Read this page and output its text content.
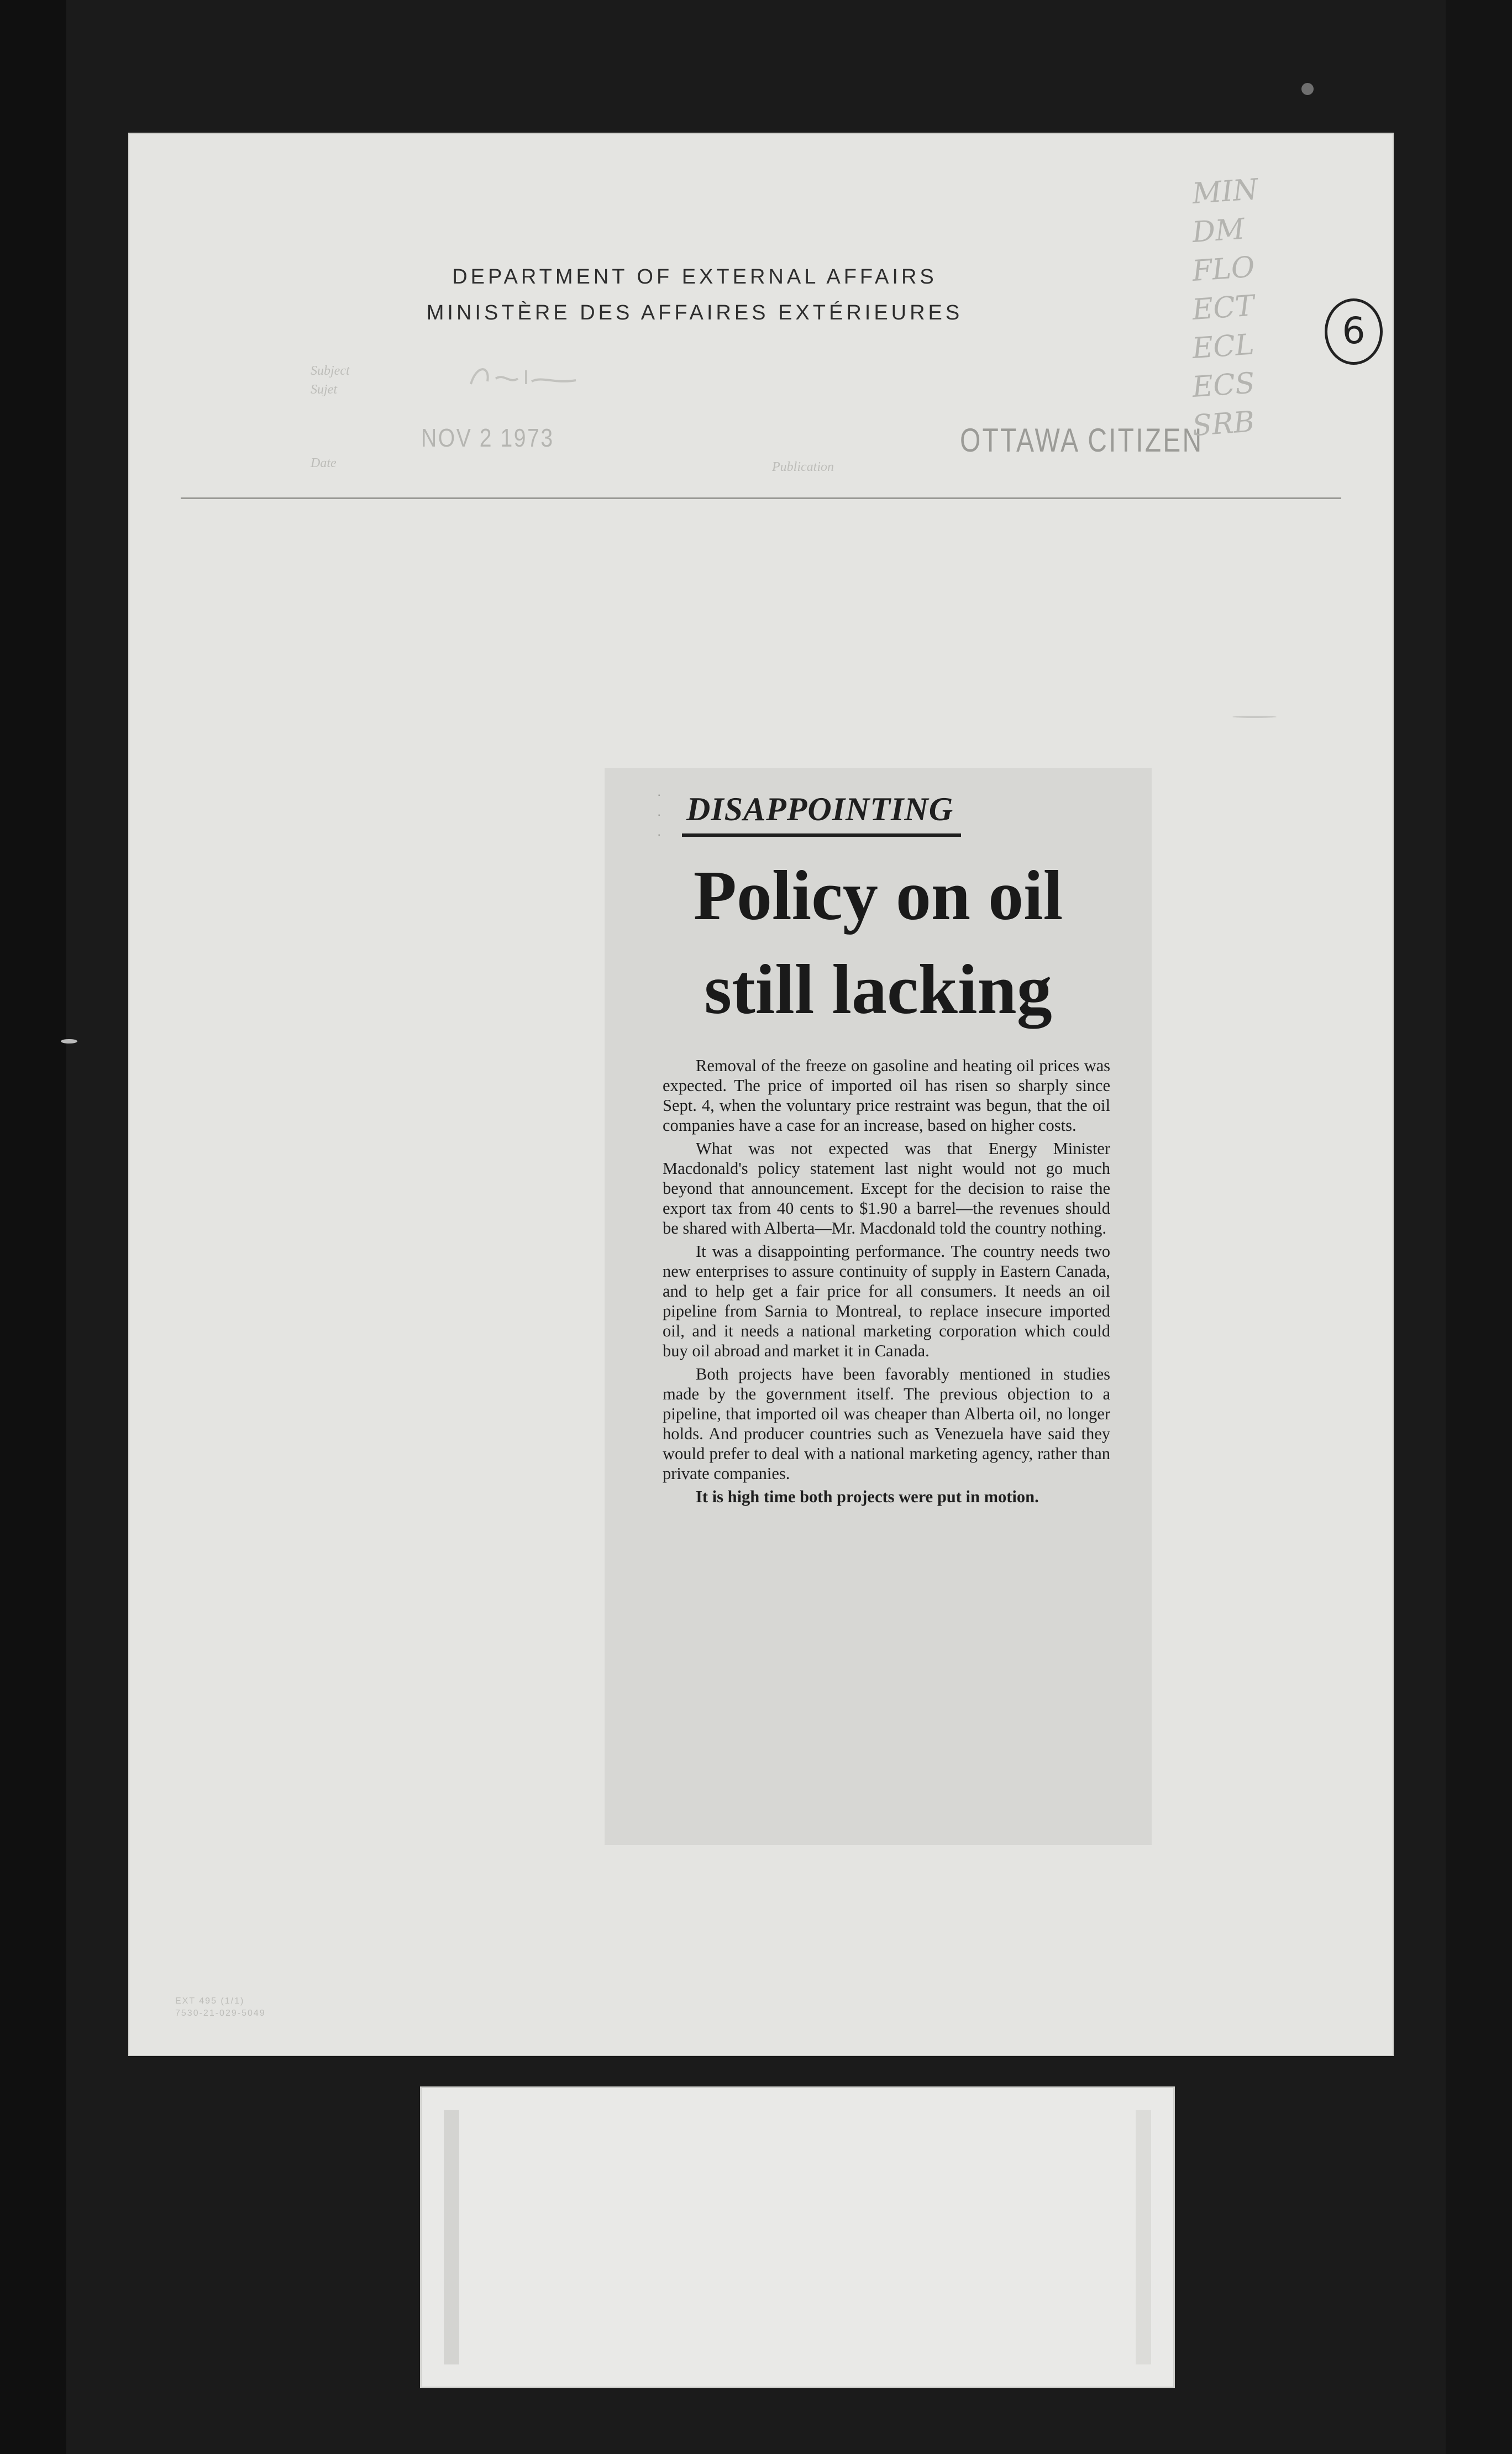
DEPARTMENT OF EXTERNAL AFFAIRS
MINISTÈRE DES AFFAIRES EXTÉRIEURES
Subject
Sujet
NOV 2 1973
Date	Publication
OTTAWA CITIZEN
MIN
DM
FLO
ECT
ECL
ECS
SRB
6
·
·
·
DISAPPOINTING
Policy on oil
still lacking

Removal of the freeze on gasoline and heating oil prices was expected. The price of imported oil has risen so sharply since Sept. 4, when the voluntary price restraint was begun, that the oil companies have a case for an increase, based on higher costs.

What was not expected was that Energy Minister Macdonald's policy statement last night would not go much beyond that announcement. Except for the decision to raise the export tax from 40 cents to $1.90 a barrel—the revenues should be shared with Alberta—Mr. Macdonald told the country nothing.

It was a disappointing performance. The country needs two new enterprises to assure continuity of supply in Eastern Canada, and to help get a fair price for all consumers. It needs an oil pipeline from Sarnia to Montreal, to replace insecure imported oil, and it needs a national marketing corporation which could buy oil abroad and market it in Canada.

Both projects have been favorably mentioned in studies made by the government itself. The previous objection to a pipeline, that imported oil was cheaper than Alberta oil, no longer holds. And producer countries such as Venezuela have said they would prefer to deal with a national marketing agency, rather than private companies.

It is high time both projects were put in motion.

EXT 495 (1/1)
7530-21-029-5049
